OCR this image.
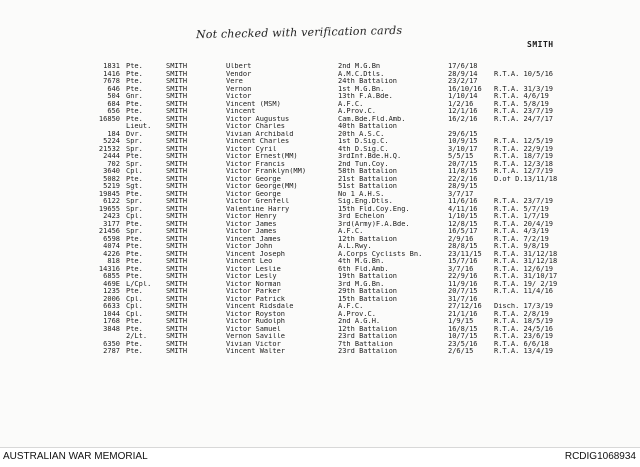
Not checked with verification cards
SMITH
1831	Pte.	SMITH	Ulbert	2nd M.G.Bn	17/6/18	
1416	Pte.	SMITH	Vendor	A.M.C.Dtls.	28/9/14	R.T.A. 10/5/16
7678	Pte.	SMITH	Vere	24th Battalion	23/2/17	
646	Pte.	SMITH	Vernon	1st M.G.Bn.	16/10/16	R.T.A. 31/3/19
504	Gnr.	SMITH	Victor	13th F.A.Bde.	1/10/14	R.T.A. 4/6/19
684	Pte.	SMITH	Vincent (MSM)	A.F.C.	1/2/16	R.T.A. 5/8/19
656	Pte.	SMITH	Vincent	A.Prov.C.	12/1/16	R.T.A. 23/7/19
16850	Pte.	SMITH	Victor Augustus	Cam.Bde.Fld.Amb.	16/2/16	R.T.A. 24/7/17
	Lieut.	SMITH	Victor Charles	40th Battalion		
184	Dvr.	SMITH	Vivian Archibald	20th A.S.C.	29/6/15	
5224	Spr.	SMITH	Vincent Charles	1st D.Sig.C.	10/9/15	R.T.A. 12/5/19
21532	Spr.	SMITH	Victor Cyril	4th D.Sig.C.	3/10/17	R.T.A. 22/9/19
2444	Pte.	SMITH	Victor Ernest(MM)	3rdInf.Bde.H.Q.	5/5/15	R.T.A. 18/7/19
702	Spr.	SMITH	Victor Francis	2nd Tun.Coy.	20/7/15	R.T.A. 12/3/18
3640	Cpl.	SMITH	Victor Franklyn(MM)	58th Battalion	11/8/15	R.T.A. 12/7/19
5082	Pte.	SMITH	Victor George	21st Battalion	22/2/16	D.of D.13/11/18
5219	Sgt.	SMITH	Victor George(MM)	51st Battalion	28/9/15	
19845	Pte.	SMITH	Victor George	No 1 A.H.S.	3/7/17	
6122	Spr.	SMITH	Victor Grenfell	Sig.Eng.Dtls.	11/6/16	R.T.A. 23/7/19
19655	Spr.	SMITH	Valentine Harry	15th Fld.Coy.Eng.	4/11/16	R.T.A. 5/7/19
2423	Cpl.	SMITH	Victor Henry	3rd Echelon	1/10/15	R.T.A. 1/7/19
3177	Pte.	SMITH	Victor James	3rd(Army)F.A.Bde.	12/8/15	R.T.A. 20/4/19
21456	Spr.	SMITH	Victor James	A.F.C.	16/5/17	R.T.A. 4/3/19
6598	Pte.	SMITH	Vincent James	12th Battalion	2/9/16	R.T.A. 7/2/19
4074	Pte.	SMITH	Victor John	A.L.Rwy.	28/8/15	R.T.A. 9/8/19
4226	Pte.	SMITH	Vincent Joseph	A.Corps Cyclists Bn.	23/11/15	R.T.A. 31/12/18
818	Pte.	SMITH	Vincent Leo	4th M.G.Bn.	15/7/16	R.T.A. 31/12/18
14316	Pte.	SMITH	Victor Leslie	6th Fld.Amb.	3/7/16	R.T.A. 12/6/19
6855	Pte.	SMITH	Victor Lesly	19th Battalion	22/9/16	R.T.A. 31/10/17
469E	L/Cpl.	SMITH	Victor Norman	3rd M.G.Bn.	11/9/16	R.T.A. 19/ 2/19
1235	Pte.	SMITH	Victor Parker	29th Battalion	20/7/15	R.T.A. 11/4/16
2006	Cpl.	SMITH	Victor Patrick	15th Battalion	31/7/16	
6633	Cpl.	SMITH	Vincent Ridsdale	A.F.C.	27/12/16	Disch. 17/3/19
1044	Cpl.	SMITH	Victor Royston	A.Prov.C.	21/1/16	R.T.A. 2/8/19
1768	Pte.	SMITH	Victor Rudolph	2nd A.G.H.	1/9/15	R.T.A. 18/5/19
3848	Pte.	SMITH	Victor Samuel	12th Battalion	16/8/15	R.T.A. 24/5/16
	2/Lt.	SMITH	Vernon Saville	23rd Battalion	10/7/15	R.T.A. 23/6/19
6350	Pte.	SMITH	Vivian Victor	7th Battalion	23/5/16	R.T.A. 6/6/18
2787	Pte.	SMITH	Vincent Walter	23rd Battalion	2/6/15	R.T.A. 13/4/19
AUSTRALIAN WAR MEMORIAL	RCDIG1068934
